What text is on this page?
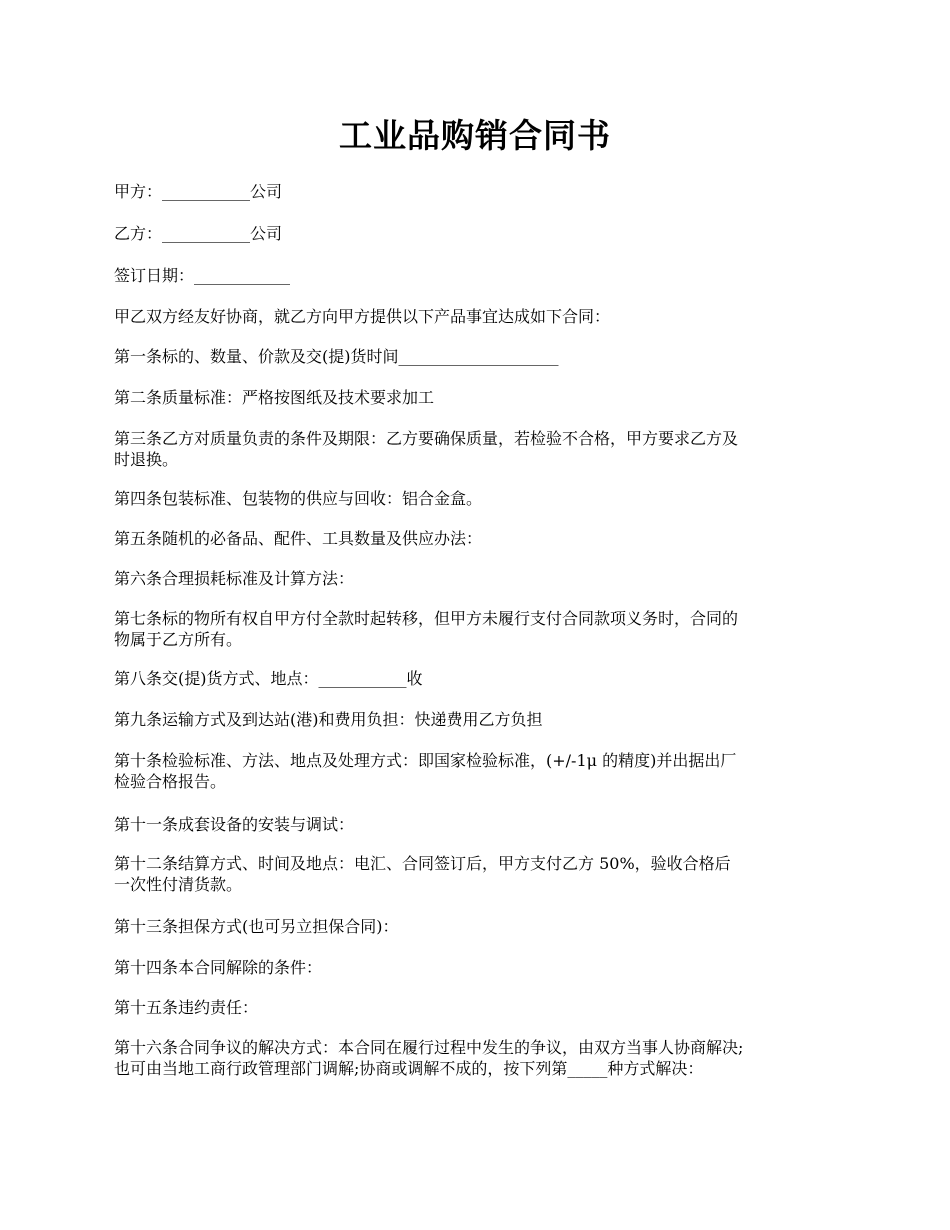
工业品购销合同书
甲方：___________公司
乙方：___________公司
签订日期：____________
甲乙双方经友好协商，就乙方向甲方提供以下产品事宜达成如下合同：
第一条标的、数量、价款及交(提)货时间____________________
第二条质量标准：严格按图纸及技术要求加工
第三条乙方对质量负责的条件及期限：乙方要确保质量，若检验不合格，甲方要求乙方及
时退换。
第四条包装标准、包装物的供应与回收：铝合金盒。
第五条随机的必备品、配件、工具数量及供应办法：
第六条合理损耗标准及计算方法：
第七条标的物所有权自甲方付全款时起转移，但甲方未履行支付合同款项义务时，合同的
物属于乙方所有。
第八条交(提)货方式、地点：___________收
第九条运输方式及到达站(港)和费用负担：快递费用乙方负担
第十条检验标准、方法、地点及处理方式：即国家检验标准，(+/-1μ 的精度)并出据出厂
检验合格报告。
第十一条成套设备的安装与调试：
第十二条结算方式、时间及地点：电汇、合同签订后，甲方支付乙方 50%，验收合格后
一次性付清货款。
第十三条担保方式(也可另立担保合同)：
第十四条本合同解除的条件：
第十五条违约责任：
第十六条合同争议的解决方式：本合同在履行过程中发生的争议，由双方当事人协商解决;
也可由当地工商行政管理部门调解;协商或调解不成的，按下列第_____种方式解决：
